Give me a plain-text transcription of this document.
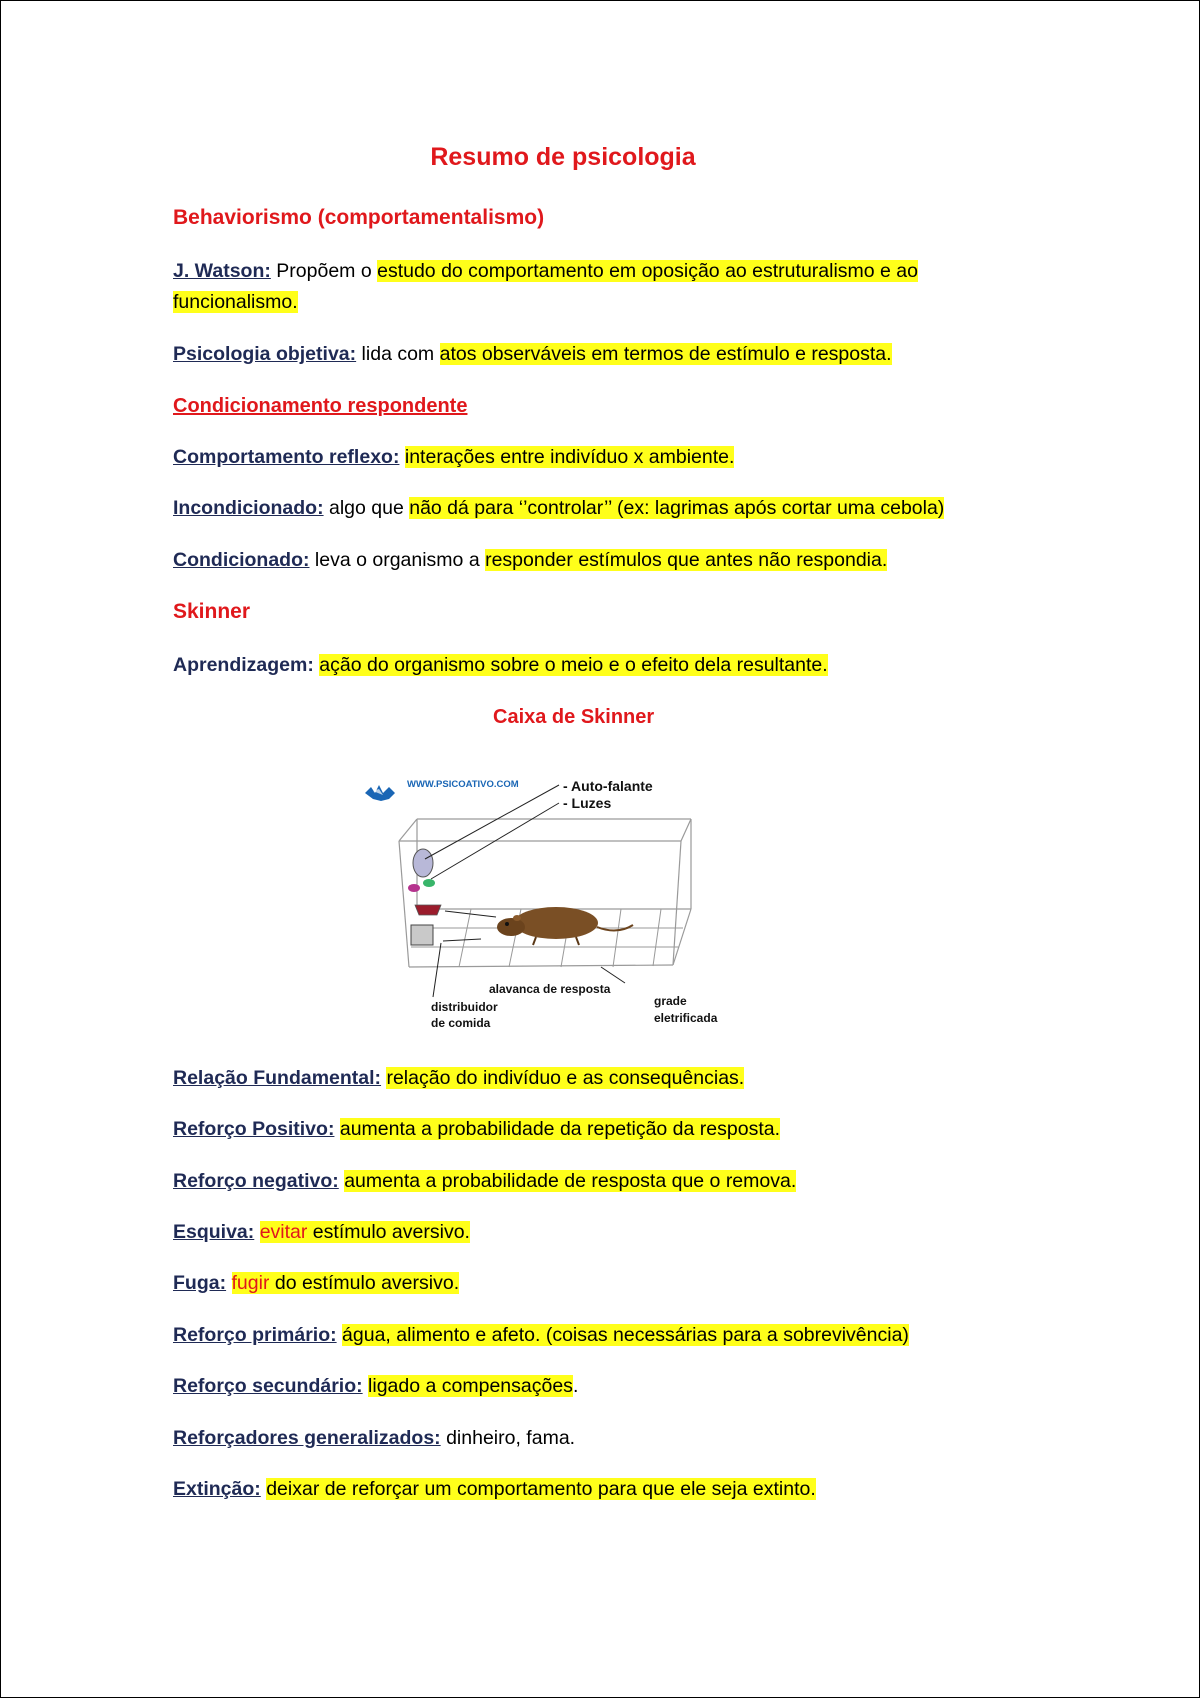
Resumo de psicologia
Behaviorismo (comportamentalismo)
J. Watson: Propõem o estudo do comportamento em oposição ao estruturalismo e ao
funcionalismo.
Psicologia objetiva: lida com atos observáveis em termos de estímulo e resposta.
Condicionamento respondente
Comportamento reflexo: interações entre indivíduo x ambiente.
Incondicionado: algo que não dá para ‘’controlar’’ (ex: lagrimas após cortar uma cebola)
Condicionado: leva o organismo a responder estímulos que antes não respondia.
Skinner
Aprendizagem: ação do organismo sobre o meio e o efeito dela resultante.
Caixa de Skinner
Relação Fundamental: relação do indivíduo e as consequências.
Reforço Positivo: aumenta a probabilidade da repetição da resposta.
Reforço negativo: aumenta a probabilidade de resposta que o remova.
Esquiva: evitar estímulo aversivo.
Fuga: fugir do estímulo aversivo.
Reforço primário: água, alimento e afeto. (coisas necessárias para a sobrevivência)
Reforço secundário: ligado a compensações.
Reforçadores generalizados: dinheiro, fama.
Extinção: deixar de reforçar um comportamento para que ele seja extinto.
WWW.PSICOATIVO.COM	- Auto-falante
- Luzes
alavanca de resposta
distribuidor
de comida
grade
eletrificada
